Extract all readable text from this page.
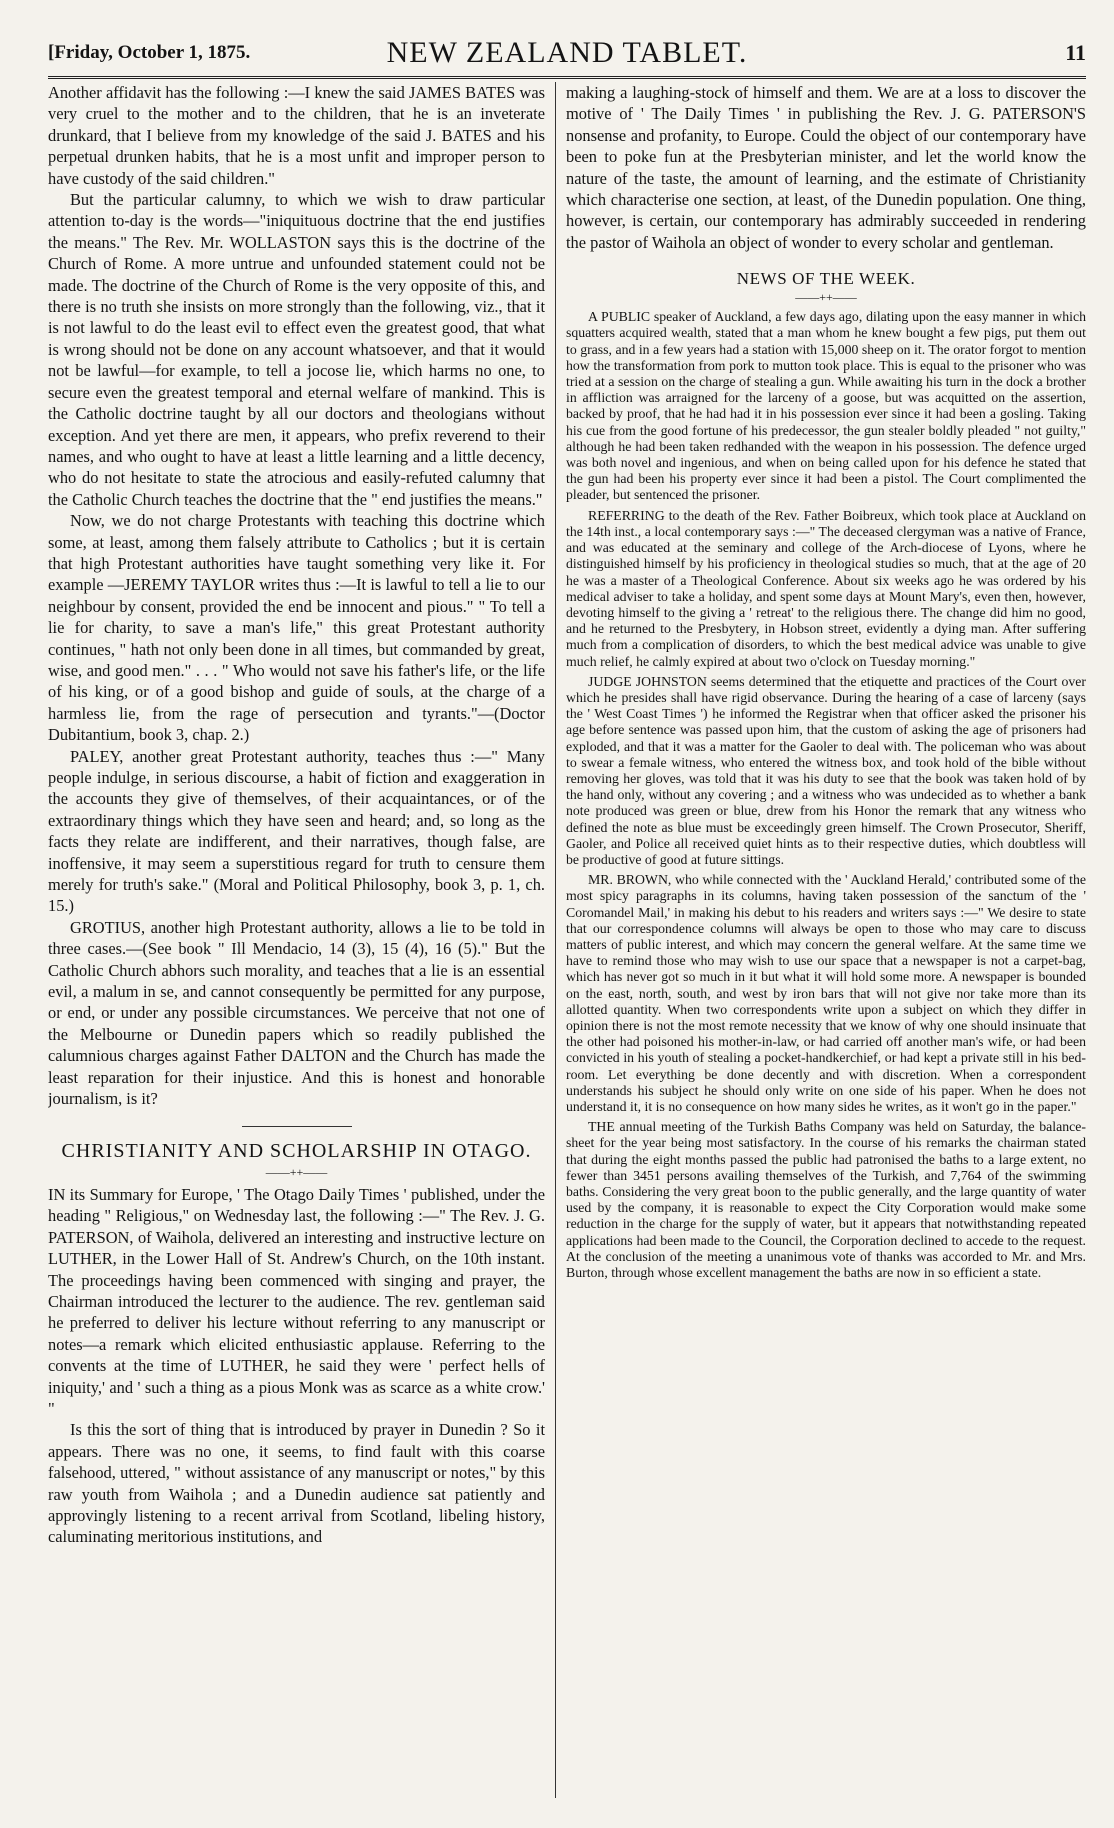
[Friday, October 1, 1875.	NEW ZEALAND TABLET.	11

Another affidavit has the following :—I knew the said JAMES BATES was very cruel to the mother and to the children, that he is an inveterate drunkard, that I believe from my knowledge of the said J. BATES and his perpetual drunken habits, that he is a most unfit and improper person to have custody of the said children."

But the particular calumny, to which we wish to draw particular attention to-day is the words—"iniquituous doctrine that the end justifies the means." The Rev. Mr. WOLLASTON says this is the doctrine of the Church of Rome. A more untrue and unfounded statement could not be made. The doctrine of the Church of Rome is the very opposite of this, and there is no truth she insists on more strongly than the following, viz., that it is not lawful to do the least evil to effect even the greatest good, that what is wrong should not be done on any account whatsoever, and that it would not be lawful—for example, to tell a jocose lie, which harms no one, to secure even the greatest temporal and eternal welfare of mankind. This is the Catholic doctrine taught by all our doctors and theologians without exception. And yet there are men, it appears, who prefix reverend to their names, and who ought to have at least a little learning and a little decency, who do not hesitate to state the atrocious and easily-refuted calumny that the Catholic Church teaches the doctrine that the " end justifies the means."

Now, we do not charge Protestants with teaching this doctrine which some, at least, among them falsely attribute to Catholics ; but it is certain that high Protestant authorities have taught something very like it. For example —JEREMY TAYLOR writes thus :—It is lawful to tell a lie to our neighbour by consent, provided the end be innocent and pious." " To tell a lie for charity, to save a man's life," this great Protestant authority continues, " hath not only been done in all times, but commanded by great, wise, and good men." . . . " Who would not save his father's life, or the life of his king, or of a good bishop and guide of souls, at the charge of a harmless lie, from the rage of persecution and tyrants."—(Doctor Dubitantium, book 3, chap. 2.)

PALEY, another great Protestant authority, teaches thus :—" Many people indulge, in serious discourse, a habit of fiction and exaggeration in the accounts they give of themselves, of their acquaintances, or of the extraordinary things which they have seen and heard; and, so long as the facts they relate are indifferent, and their narratives, though false, are inoffensive, it may seem a superstitious regard for truth to censure them merely for truth's sake." (Moral and Political Philosophy, book 3, p. 1, ch. 15.)

GROTIUS, another high Protestant authority, allows a lie to be told in three cases.—(See book " Ill Mendacio, 14 (3), 15 (4), 16 (5)." But the Catholic Church abhors such morality, and teaches that a lie is an essential evil, a malum in se, and cannot consequently be permitted for any purpose, or end, or under any possible circumstances. We perceive that not one of the Melbourne or Dunedin papers which so readily published the calumnious charges against Father DALTON and the Church has made the least reparation for their injustice. And this is honest and honorable journalism, is it?

CHRISTIANITY AND SCHOLARSHIP IN OTAGO.
——++——

IN its Summary for Europe, ' The Otago Daily Times ' published, under the heading " Religious," on Wednesday last, the following :—" The Rev. J. G. PATERSON, of Waihola, delivered an interesting and instructive lecture on LUTHER, in the Lower Hall of St. Andrew's Church, on the 10th instant. The proceedings having been commenced with singing and prayer, the Chairman introduced the lecturer to the audience. The rev. gentleman said he preferred to deliver his lecture without referring to any manuscript or notes—a remark which elicited enthusiastic applause. Referring to the convents at the time of LUTHER, he said they were ' perfect hells of iniquity,' and ' such a thing as a pious Monk was as scarce as a white crow.' "

Is this the sort of thing that is introduced by prayer in Dunedin ? So it appears. There was no one, it seems, to find fault with this coarse falsehood, uttered, " without assistance of any manuscript or notes," by this raw youth from Waihola ; and a Dunedin audience sat patiently and approvingly listening to a recent arrival from Scotland, libeling history, caluminating meritorious institutions, and

making a laughing-stock of himself and them. We are at a loss to discover the motive of ' The Daily Times ' in publishing the Rev. J. G. PATERSON'S nonsense and profanity, to Europe. Could the object of our contemporary have been to poke fun at the Presbyterian minister, and let the world know the nature of the taste, the amount of learning, and the estimate of Christianity which characterise one section, at least, of the Dunedin population. One thing, however, is certain, our contemporary has admirably succeeded in rendering the pastor of Waihola an object of wonder to every scholar and gentleman.

NEWS OF THE WEEK.
——++——

A PUBLIC speaker of Auckland, a few days ago, dilating upon the easy manner in which squatters acquired wealth, stated that a man whom he knew bought a few pigs, put them out to grass, and in a few years had a station with 15,000 sheep on it. The orator forgot to mention how the transformation from pork to mutton took place. This is equal to the prisoner who was tried at a session on the charge of stealing a gun. While awaiting his turn in the dock a brother in affliction was arraigned for the larceny of a goose, but was acquitted on the assertion, backed by proof, that he had had it in his possession ever since it had been a gosling. Taking his cue from the good fortune of his predecessor, the gun stealer boldly pleaded " not guilty," although he had been taken redhanded with the weapon in his possession. The defence urged was both novel and ingenious, and when on being called upon for his defence he stated that the gun had been his property ever since it had been a pistol. The Court complimented the pleader, but sentenced the prisoner.

REFERRING to the death of the Rev. Father Boibreux, which took place at Auckland on the 14th inst., a local contemporary says :—" The deceased clergyman was a native of France, and was educated at the seminary and college of the Arch-diocese of Lyons, where he distinguished himself by his proficiency in theological studies so much, that at the age of 20 he was a master of a Theological Conference. About six weeks ago he was ordered by his medical adviser to take a holiday, and spent some days at Mount Mary's, even then, however, devoting himself to the giving a ' retreat' to the religious there. The change did him no good, and he returned to the Presbytery, in Hobson street, evidently a dying man. After suffering much from a complication of disorders, to which the best medical advice was unable to give much relief, he calmly expired at about two o'clock on Tuesday morning."

JUDGE JOHNSTON seems determined that the etiquette and practices of the Court over which he presides shall have rigid observance. During the hearing of a case of larceny (says the ' West Coast Times ') he informed the Registrar when that officer asked the prisoner his age before sentence was passed upon him, that the custom of asking the age of prisoners had exploded, and that it was a matter for the Gaoler to deal with. The policeman who was about to swear a female witness, who entered the witness box, and took hold of the bible without removing her gloves, was told that it was his duty to see that the book was taken hold of by the hand only, without any covering ; and a witness who was undecided as to whether a bank note produced was green or blue, drew from his Honor the remark that any witness who defined the note as blue must be exceedingly green himself. The Crown Prosecutor, Sheriff, Gaoler, and Police all received quiet hints as to their respective duties, which doubtless will be productive of good at future sittings.

MR. BROWN, who while connected with the ' Auckland Herald,' contributed some of the most spicy paragraphs in its columns, having taken possession of the sanctum of the ' Coromandel Mail,' in making his debut to his readers and writers says :—" We desire to state that our correspondence columns will always be open to those who may care to discuss matters of public interest, and which may concern the general welfare. At the same time we have to remind those who may wish to use our space that a newspaper is not a carpet-bag, which has never got so much in it but what it will hold some more. A newspaper is bounded on the east, north, south, and west by iron bars that will not give nor take more than its allotted quantity. When two correspondents write upon a subject on which they differ in opinion there is not the most remote necessity that we know of why one should insinuate that the other had poisoned his mother-in-law, or had carried off another man's wife, or had been convicted in his youth of stealing a pocket-handkerchief, or had kept a private still in his bed-room. Let everything be done decently and with discretion. When a correspondent understands his subject he should only write on one side of his paper. When he does not understand it, it is no consequence on how many sides he writes, as it won't go in the paper."

THE annual meeting of the Turkish Baths Company was held on Saturday, the balance-sheet for the year being most satisfactory. In the course of his remarks the chairman stated that during the eight months passed the public had patronised the baths to a large extent, no fewer than 3451 persons availing themselves of the Turkish, and 7,764 of the swimming baths. Considering the very great boon to the public generally, and the large quantity of water used by the company, it is reasonable to expect the City Corporation would make some reduction in the charge for the supply of water, but it appears that notwithstanding repeated applications had been made to the Council, the Corporation declined to accede to the request. At the conclusion of the meeting a unanimous vote of thanks was accorded to Mr. and Mrs. Burton, through whose excellent management the baths are now in so efficient a state.
